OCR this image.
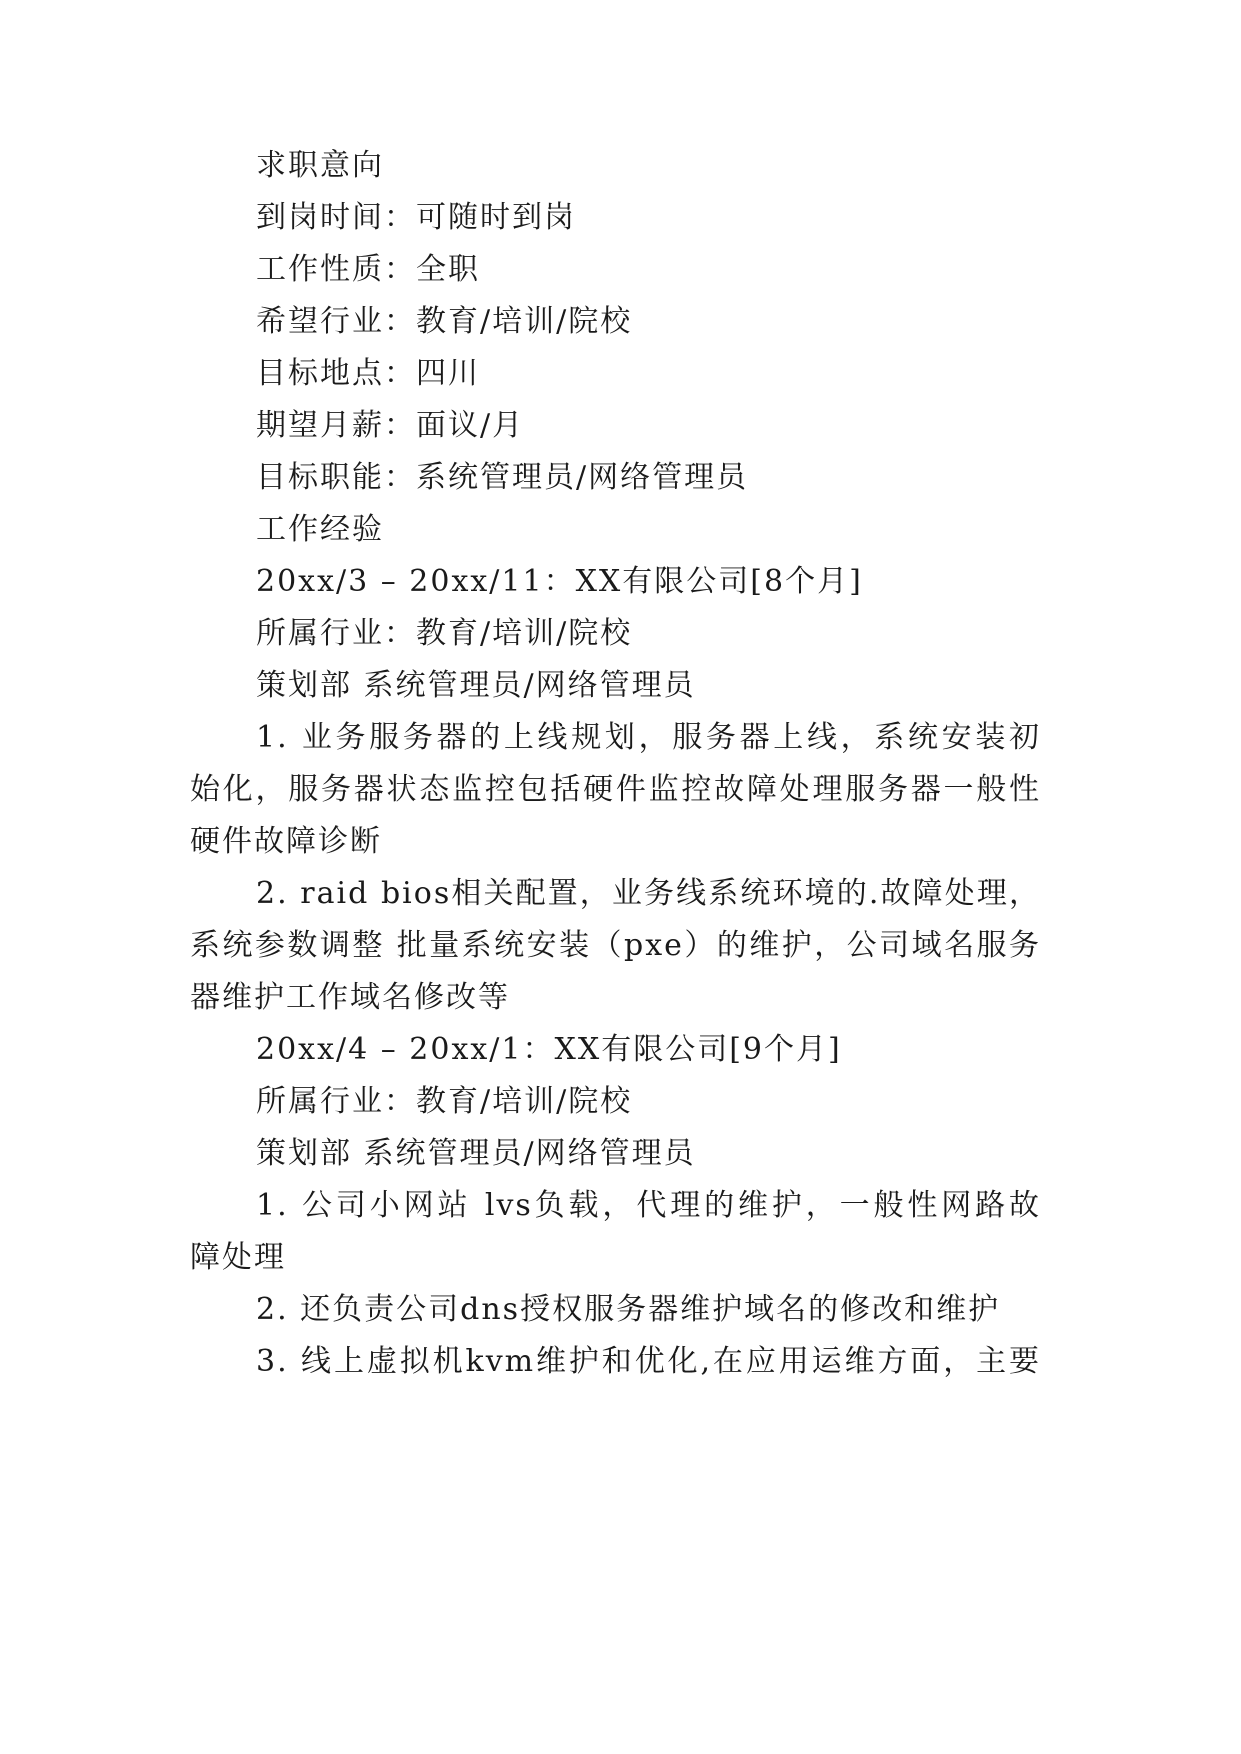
求职意向
到岗时间：可随时到岗
工作性质：全职
希望行业：教育/培训/院校
目标地点：四川
期望月薪：面议/月
目标职能：系统管理员/网络管理员
工作经验
20xx/3 – 20xx/11：XX有限公司[8个月]
所属行业：教育/培训/院校
策划部 系统管理员/网络管理员
1. 业务服务器的上线规划，服务器上线，系统安装初
始化，服务器状态监控包括硬件监控故障处理服务器一般性
硬件故障诊断
2. raid bios相关配置，业务线系统环境的.故障处理，
系统参数调整 批量系统安装（pxe）的维护，公司域名服务
器维护工作域名修改等
20xx/4 – 20xx/1：XX有限公司[9个月]
所属行业：教育/培训/院校
策划部 系统管理员/网络管理员
1. 公司小网站 lvs负载，代理的维护，一般性网路故
障处理
2. 还负责公司dns授权服务器维护域名的修改和维护
3. 线上虚拟机kvm维护和优化,在应用运维方面，主要
